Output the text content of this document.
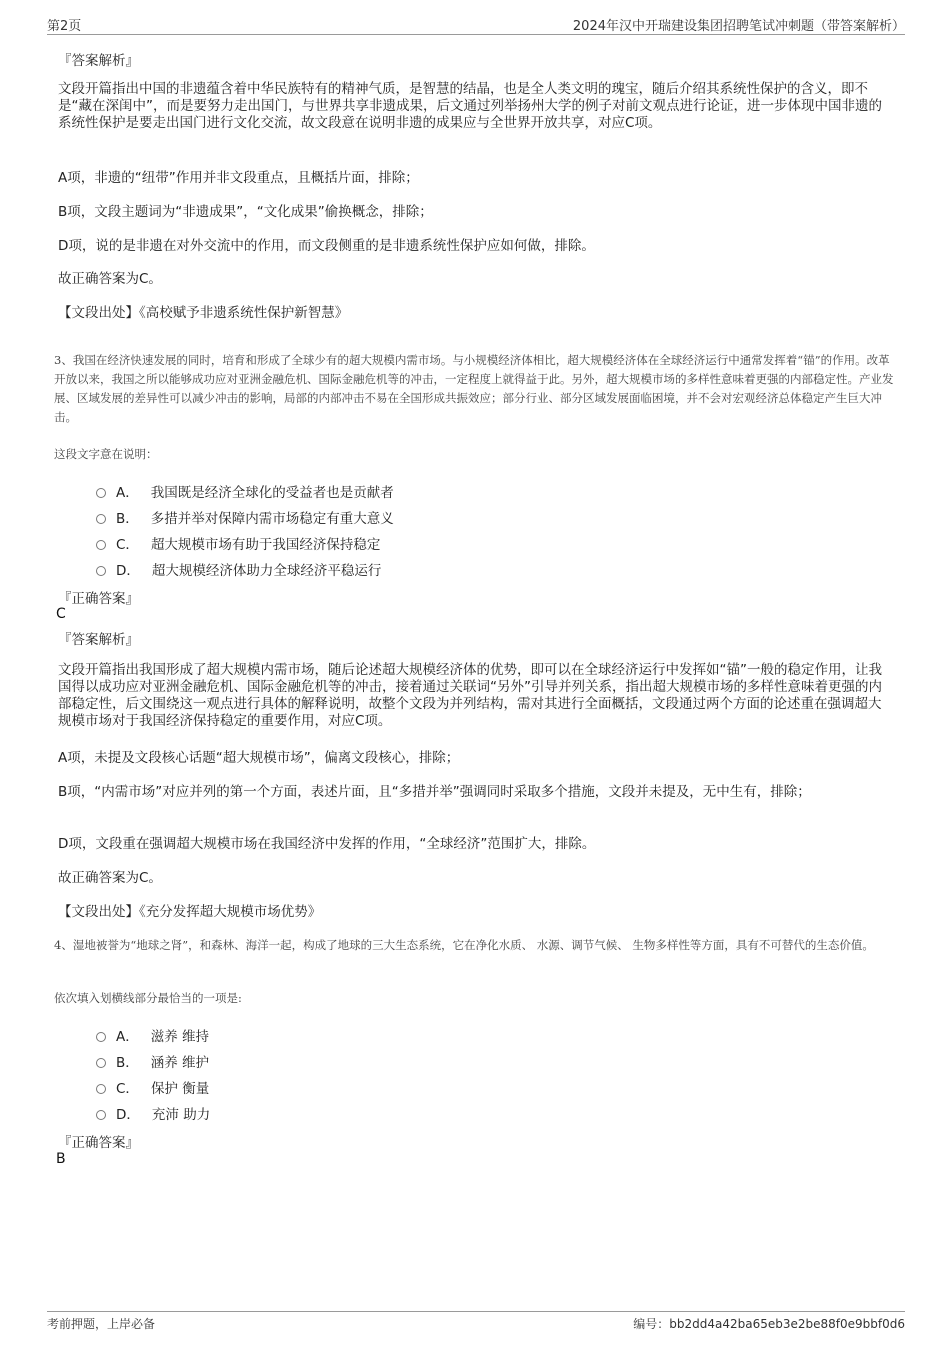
第2页	2024年汉中开瑞建设集团招聘笔试冲刺题（带答案解析）
『答案解析』
文段开篇指出中国的非遗蕴含着中华民族特有的精神气质，是智慧的结晶，也是全人类文明的瑰宝，随后介绍其系统性保护的含义，即不是“藏在深闺中”，而是要努力走出国门，与世界共享非遗成果，后文通过列举扬州大学的例子对前文观点进行论证，进一步体现中国非遗的系统性保护是要走出国门进行文化交流，故文段意在说明非遗的成果应与全世界开放共享，对应C项。
A项，非遗的“纽带”作用并非文段重点，且概括片面，排除；
B项，文段主题词为“非遗成果”，“文化成果”偷换概念，排除；
D项，说的是非遗在对外交流中的作用，而文段侧重的是非遗系统性保护应如何做，排除。
故正确答案为C。
【文段出处】《高校赋予非遗系统性保护新智慧》
3、我国在经济快速发展的同时，培育和形成了全球少有的超大规模内需市场。与小规模经济体相比，超大规模经济体在全球经济运行中通常发挥着“锚”的作用。改革开放以来，我国之所以能够成功应对亚洲金融危机、国际金融危机等的冲击，一定程度上就得益于此。另外，超大规模市场的多样性意味着更强的内部稳定性。产业发展、区域发展的差异性可以减少冲击的影响，局部的内部冲击不易在全国形成共振效应；部分行业、部分区域发展面临困境，并不会对宏观经济总体稳定产生巨大冲击。
这段文字意在说明：
A． 我国既是经济全球化的受益者也是贡献者
B． 多措并举对保障内需市场稳定有重大意义
C． 超大规模市场有助于我国经济保持稳定
D． 超大规模经济体助力全球经济平稳运行
『正确答案』
C
『答案解析』
文段开篇指出我国形成了超大规模内需市场，随后论述超大规模经济体的优势，即可以在全球经济运行中发挥如“锚”一般的稳定作用，让我国得以成功应对亚洲金融危机、国际金融危机等的冲击，接着通过关联词“另外”引导并列关系，指出超大规模市场的多样性意味着更强的内部稳定性，后文围绕这一观点进行具体的解释说明，故整个文段为并列结构，需对其进行全面概括，文段通过两个方面的论述重在强调超大规模市场对于我国经济保持稳定的重要作用，对应C项。
A项，未提及文段核心话题“超大规模市场”，偏离文段核心，排除；
B项，“内需市场”对应并列的第一个方面，表述片面，且“多措并举”强调同时采取多个措施，文段并未提及，无中生有，排除；
D项，文段重在强调超大规模市场在我国经济中发挥的作用，“全球经济”范围扩大，排除。
故正确答案为C。
【文段出处】《充分发挥超大规模市场优势》
4、湿地被誉为“地球之肾”，和森林、海洋一起，构成了地球的三大生态系统，它在净化水质、 水源、调节气候、 生物多样性等方面，具有不可替代的生态价值。
依次填入划横线部分最恰当的一项是:
A． 滋养 维持
B． 涵养 维护
C． 保护 衡量
D． 充沛 助力
『正确答案』
B
考前押题，上岸必备	编号：bb2dd4a42ba65eb3e2be88f0e9bbf0d6
